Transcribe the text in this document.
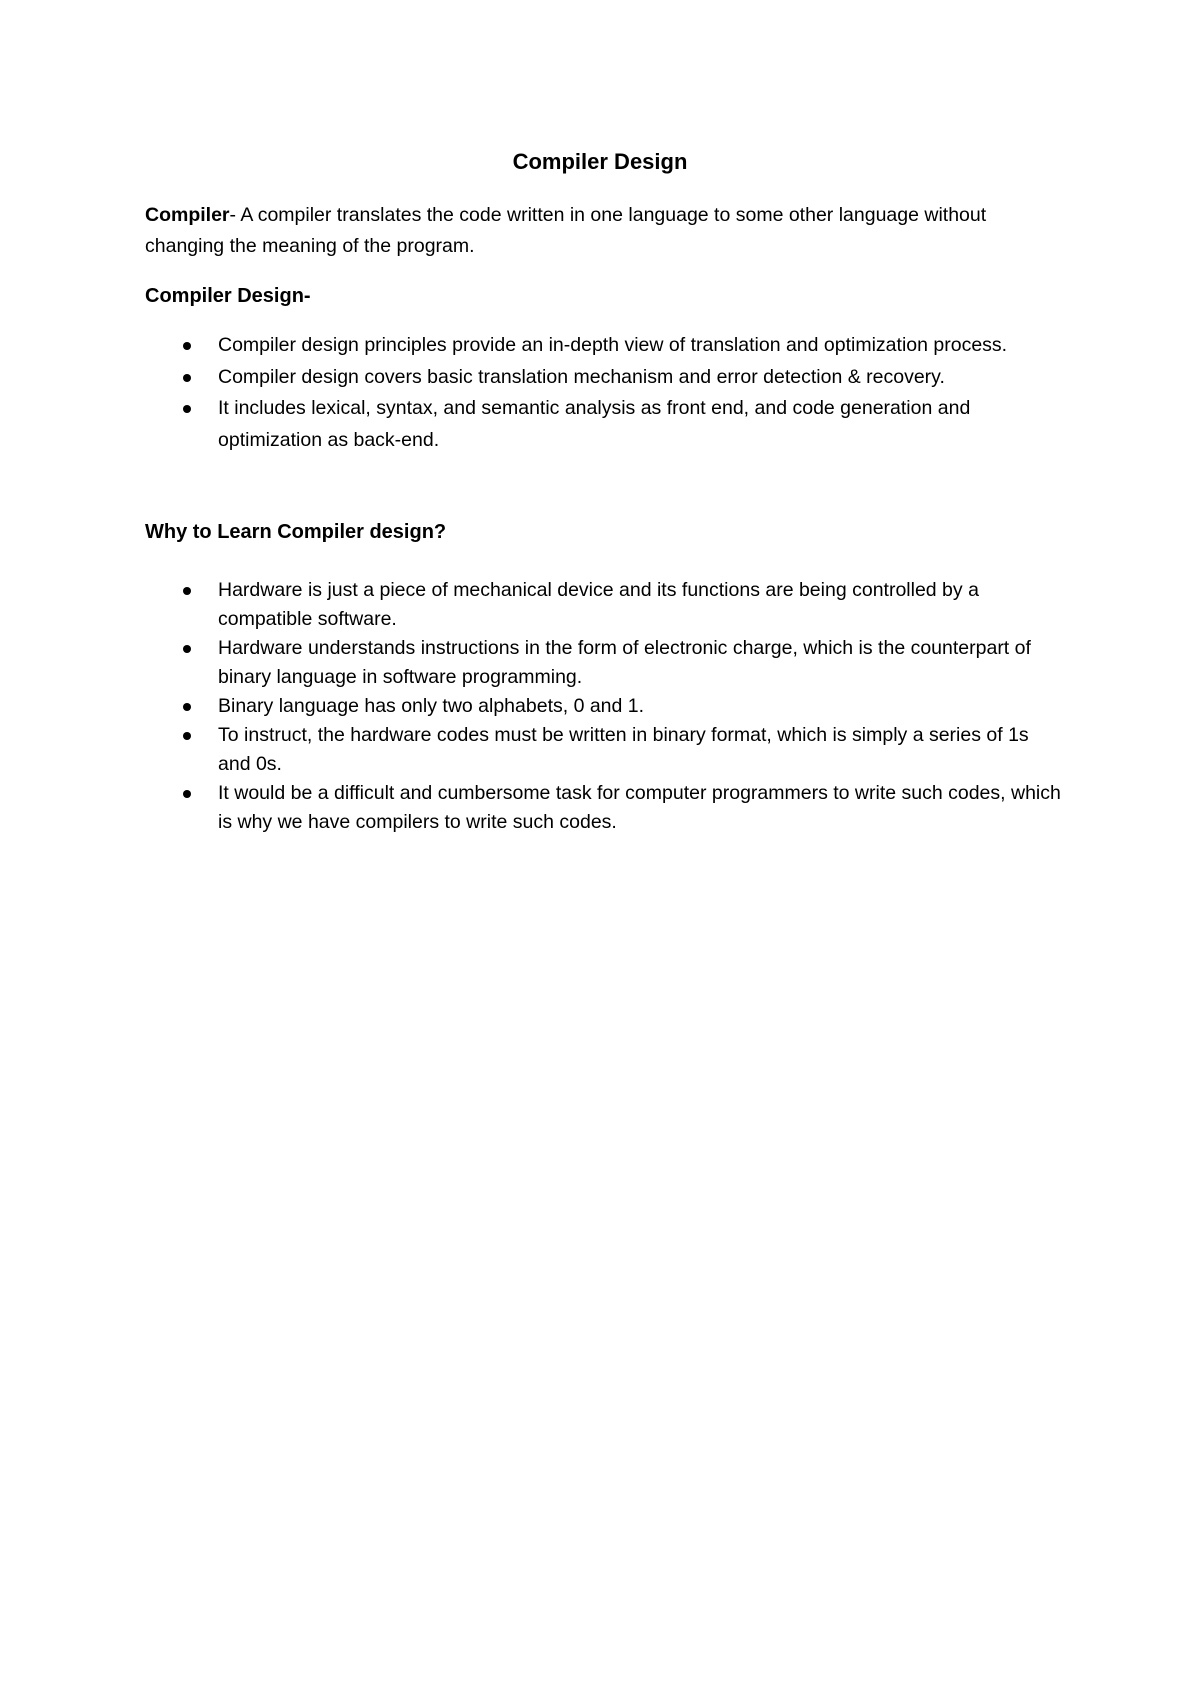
Compiler Design

Compiler- A compiler translates the code written in one language to some other language without changing the meaning of the program.

Compiler Design-
Compiler design principles provide an in-depth view of translation and optimization process.
Compiler design covers basic translation mechanism and error detection & recovery.
It includes lexical, syntax, and semantic analysis as front end, and code generation and optimization as back-end.
Why to Learn Compiler design?
Hardware is just a piece of mechanical device and its functions are being controlled by a compatible software.
Hardware understands instructions in the form of electronic charge, which is the counterpart of binary language in software programming.
Binary language has only two alphabets, 0 and 1.
To instruct, the hardware codes must be written in binary format, which is simply a series of 1s and 0s.
It would be a difficult and cumbersome task for computer programmers to write such codes, which is why we have compilers to write such codes.
